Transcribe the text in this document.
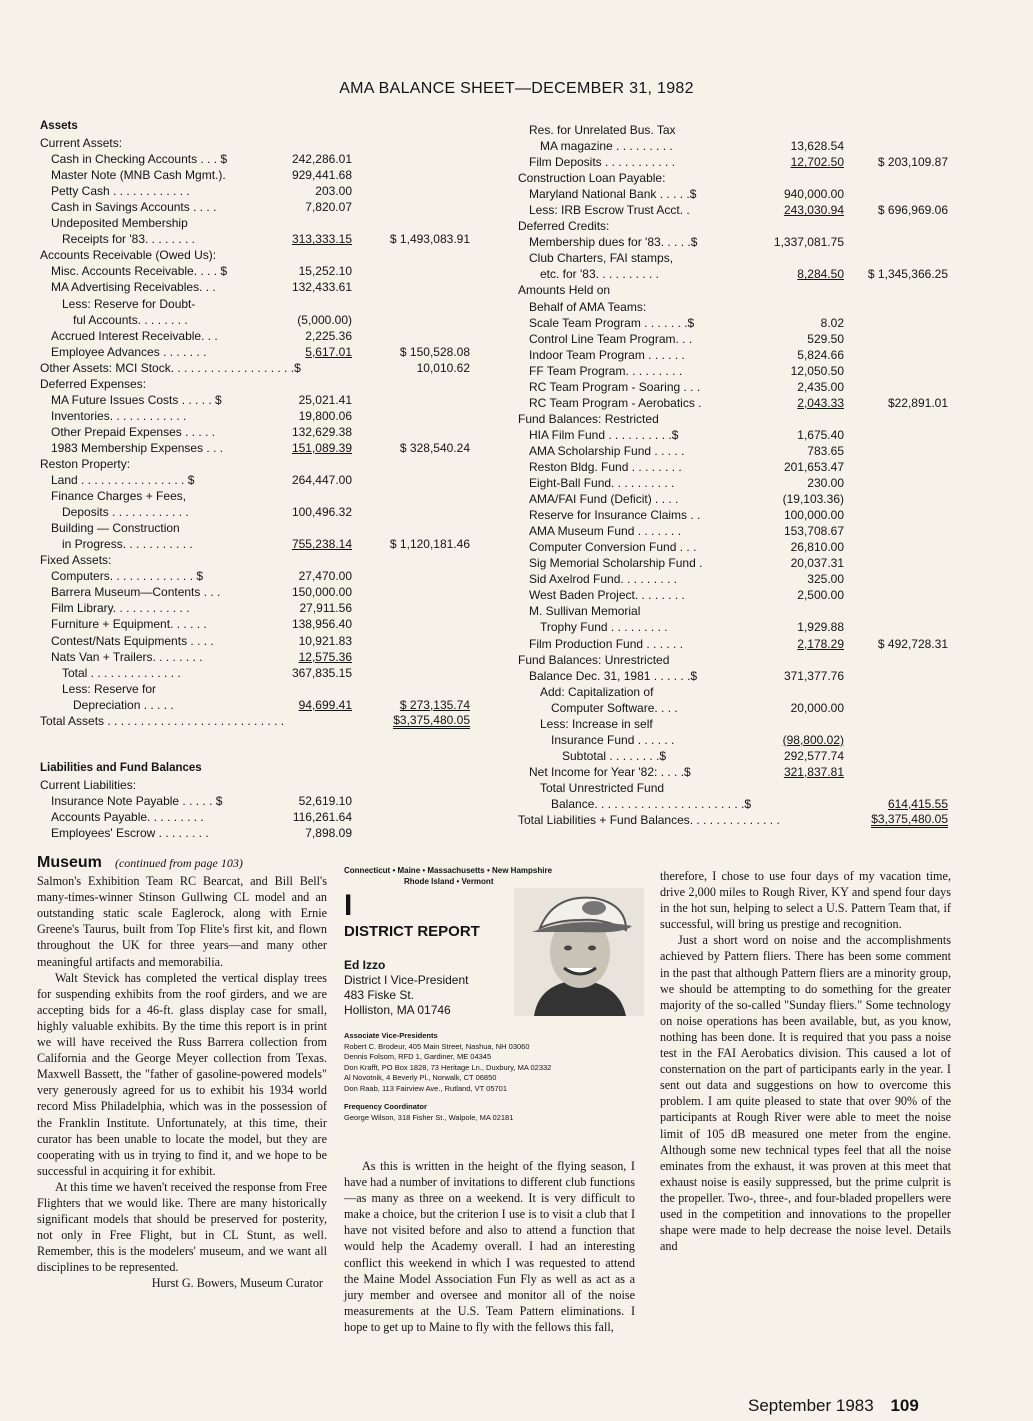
AMA BALANCE SHEET—DECEMBER 31, 1982
Assets
Current Assets:
Cash in Checking Accounts . . . $	242,286.01
Master Note (MNB Cash Mgmt.).	929,441.68
Petty Cash . . . . . . . . . . . .	203.00
Cash in Savings Accounts . . . .	7,820.07
Undeposited Membership
Receipts for '83. . . . . . . .	313,333.15	$ 1,493,083.91
Accounts Receivable (Owed Us):
Misc. Accounts Receivable. . . . $	15,252.10
MA Advertising Receivables. . .	132,433.61
Less: Reserve for Doubt-
ful Accounts. . . . . . . .	(5,000.00)
Accrued Interest Receivable. . .	2,225.36
Employee Advances . . . . . . .	5,617.01	$ 150,528.08
Other Assets: MCI Stock. . . . . . . . . . . . . . . . . . .$	10,010.62
Deferred Expenses:
MA Future Issues Costs . . . . . $	25,021.41
Inventories. . . . . . . . . . . .	19,800.06
Other Prepaid Expenses . . . . .	132,629.38
1983 Membership Expenses . . .	151,089.39	$ 328,540.24
Reston Property:
Land . . . . . . . . . . . . . . . . $	264,447.00
Finance Charges + Fees,
Deposits . . . . . . . . . . . .	100,496.32
Building — Construction
in Progress. . . . . . . . . . .	755,238.14	$ 1,120,181.46
Fixed Assets:
Computers. . . . . . . . . . . . . $	27,470.00
Barrera Museum—Contents . . .	150,000.00
Film Library. . . . . . . . . . . .	27,911.56
Furniture + Equipment. . . . . .	138,956.40
Contest/Nats Equipments . . . .	10,921.83
Nats Van + Trailers. . . . . . . .	12,575.36
Total . . . . . . . . . . . . . .	367,835.15
Less: Reserve for
Depreciation . . . . .	94,699.41	$ 273,135.74
Total Assets . . . . . . . . . . . . . . . . . . . . . . . . . . .	$3,375,480.05
Liabilities and Fund Balances
Current Liabilities:
Insurance Note Payable . . . . . $	52,619.10
Accounts Payable. . . . . . . . .	116,261.64
Employees' Escrow . . . . . . . .	7,898.09
Res. for Unrelated Bus. Tax
MA magazine . . . . . . . . .	13,628.54
Film Deposits . . . . . . . . . . .	12,702.50	$ 203,109.87
Construction Loan Payable:
Maryland National Bank . . . . .$	940,000.00
Less: IRB Escrow Trust Acct. .	243,030.94	$ 696,969.06
Deferred Credits:
Membership dues for '83. . . . .$	1,337,081.75
Club Charters, FAI stamps,
etc. for '83. . . . . . . . . .	8,284.50 $ 1,345,366.25
Amounts Held on
Behalf of AMA Teams:
Scale Team Program . . . . . . .$	8.02
Control Line Team Program. . .	529.50
Indoor Team Program . . . . . .	5,824.66
FF Team Program. . . . . . . . .	12,050.50
RC Team Program - Soaring . . .	2,435.00
RC Team Program - Aerobatics .	2,043.33	$22,891.01
Fund Balances: Restricted
HIA Film Fund . . . . . . . . . .$	1,675.40
AMA Scholarship Fund . . . . .	783.65
Reston Bldg. Fund . . . . . . . .	201,653.47
Eight-Ball Fund. . . . . . . . . .	230.00
AMA/FAI Fund (Deficit) . . . .	(19,103.36)
Reserve for Insurance Claims . .	100,000.00
AMA Museum Fund . . . . . . .	153,708.67
Computer Conversion Fund . . .	26,810.00
Sig Memorial Scholarship Fund .	20,037.31
Sid Axelrod Fund. . . . . . . . .	325.00
West Baden Project. . . . . . . .	2,500.00
M. Sullivan Memorial
Trophy Fund . . . . . . . . .	1,929.88
Film Production Fund . . . . . .	2,178.29	$ 492,728.31
Fund Balances: Unrestricted
Balance Dec. 31, 1981 . . . . . .$	371,377.76
Add: Capitalization of
Computer Software. . . .	20,000.00
Less: Increase in self
Insurance Fund . . . . . .	(98,800.02)
Subtotal . . . . . . . .$	292,577.74
Net Income for Year '82: . . . .$	321,837.81
Total Unrestricted Fund
Balance. . . . . . . . . . . . . . . . . . . . . . .$	614,415.55
Total Liabilities + Fund Balances. . . . . . . . . . . . . .	$3,375,480.05
Museum (continued from page 103)

Salmon's Exhibition Team RC Bearcat, and Bill Bell's many-times-winner Stinson Gullwing CL model and an outstanding static scale Eaglerock, along with Ernie Greene's Taurus, built from Top Flite's first kit, and flown throughout the UK for three years—and many other meaningful artifacts and memorabilia.

Walt Stevick has completed the vertical display trees for suspending exhibits from the roof girders, and we are accepting bids for a 46-ft. glass display case for small, highly valuable exhibits. By the time this report is in print we will have received the Russ Barrera collection from California and the George Meyer collection from Texas. Maxwell Bassett, the "father of gasoline-powered models" very generously agreed for us to exhibit his 1934 world record Miss Philadelphia, which was in the possession of the Franklin Institute. Unfortunately, at this time, their curator has been unable to locate the model, but they are cooperating with us in trying to find it, and we hope to be successful in acquiring it for exhibit.

At this time we haven't received the response from Free Flighters that we would like. There are many historically significant models that should be preserved for posterity, not only in Free Flight, but in CL Stunt, as well. Remember, this is the modelers' museum, and we want all disciplines to be represented.

Hurst G. Bowers, Museum Curator

Connecticut • Maine • Massachusetts • New Hampshire
Rhode Island • Vermont
I
DISTRICT REPORT
Ed Izzo
District I Vice-President
483 Fiske St.
Holliston, MA 01746
Associate Vice-Presidents
Robert C. Brodeur, 405 Main Street, Nashua, NH 03060
Dennis Folsom, RFD 1, Gardiner, ME 04345
Don Krafft, PO Box 1828, 73 Heritage Ln., Duxbury, MA 02332
Al Novotnik, 4 Beverly Pl., Norwalk, CT 06850
Don Raab, 113 Fairview Ave., Rutland, VT 05701
Frequency Coordinator
George Wilson, 318 Fisher St., Walpole, MA 02181

As this is written in the height of the flying season, I have had a number of invitations to different club functions—as many as three on a weekend. It is very difficult to make a choice, but the criterion I use is to visit a club that I have not visited before and also to attend a function that would help the Academy overall. I had an interesting conflict this weekend in which I was requested to attend the Maine Model Association Fun Fly as well as act as a jury member and oversee and monitor all of the noise measurements at the U.S. Team Pattern eliminations. I hope to get up to Maine to fly with the fellows this fall,

therefore, I chose to use four days of my vacation time, drive 2,000 miles to Rough River, KY and spend four days in the hot sun, helping to select a U.S. Pattern Team that, if successful, will bring us prestige and recognition.

Just a short word on noise and the accomplishments achieved by Pattern fliers. There has been some comment in the past that although Pattern fliers are a minority group, we should be attempting to do something for the greater majority of the so-called "Sunday fliers." Some technology on noise operations has been available, but, as you know, nothing has been done. It is required that you pass a noise test in the FAI Aerobatics division. This caused a lot of consternation on the part of participants early in the year. I sent out data and suggestions on how to overcome this problem. I am quite pleased to state that over 90% of the participants at Rough River were able to meet the noise limit of 105 dB measured one meter from the engine. Although some new technical types feel that all the noise eminates from the exhaust, it was proven at this meet that exhaust noise is easily suppressed, but the prime culprit is the propeller. Two-, three-, and four-bladed propellers were used in the competition and innovations to the propeller shape were made to help decrease the noise level. Details and

September 1983 109
